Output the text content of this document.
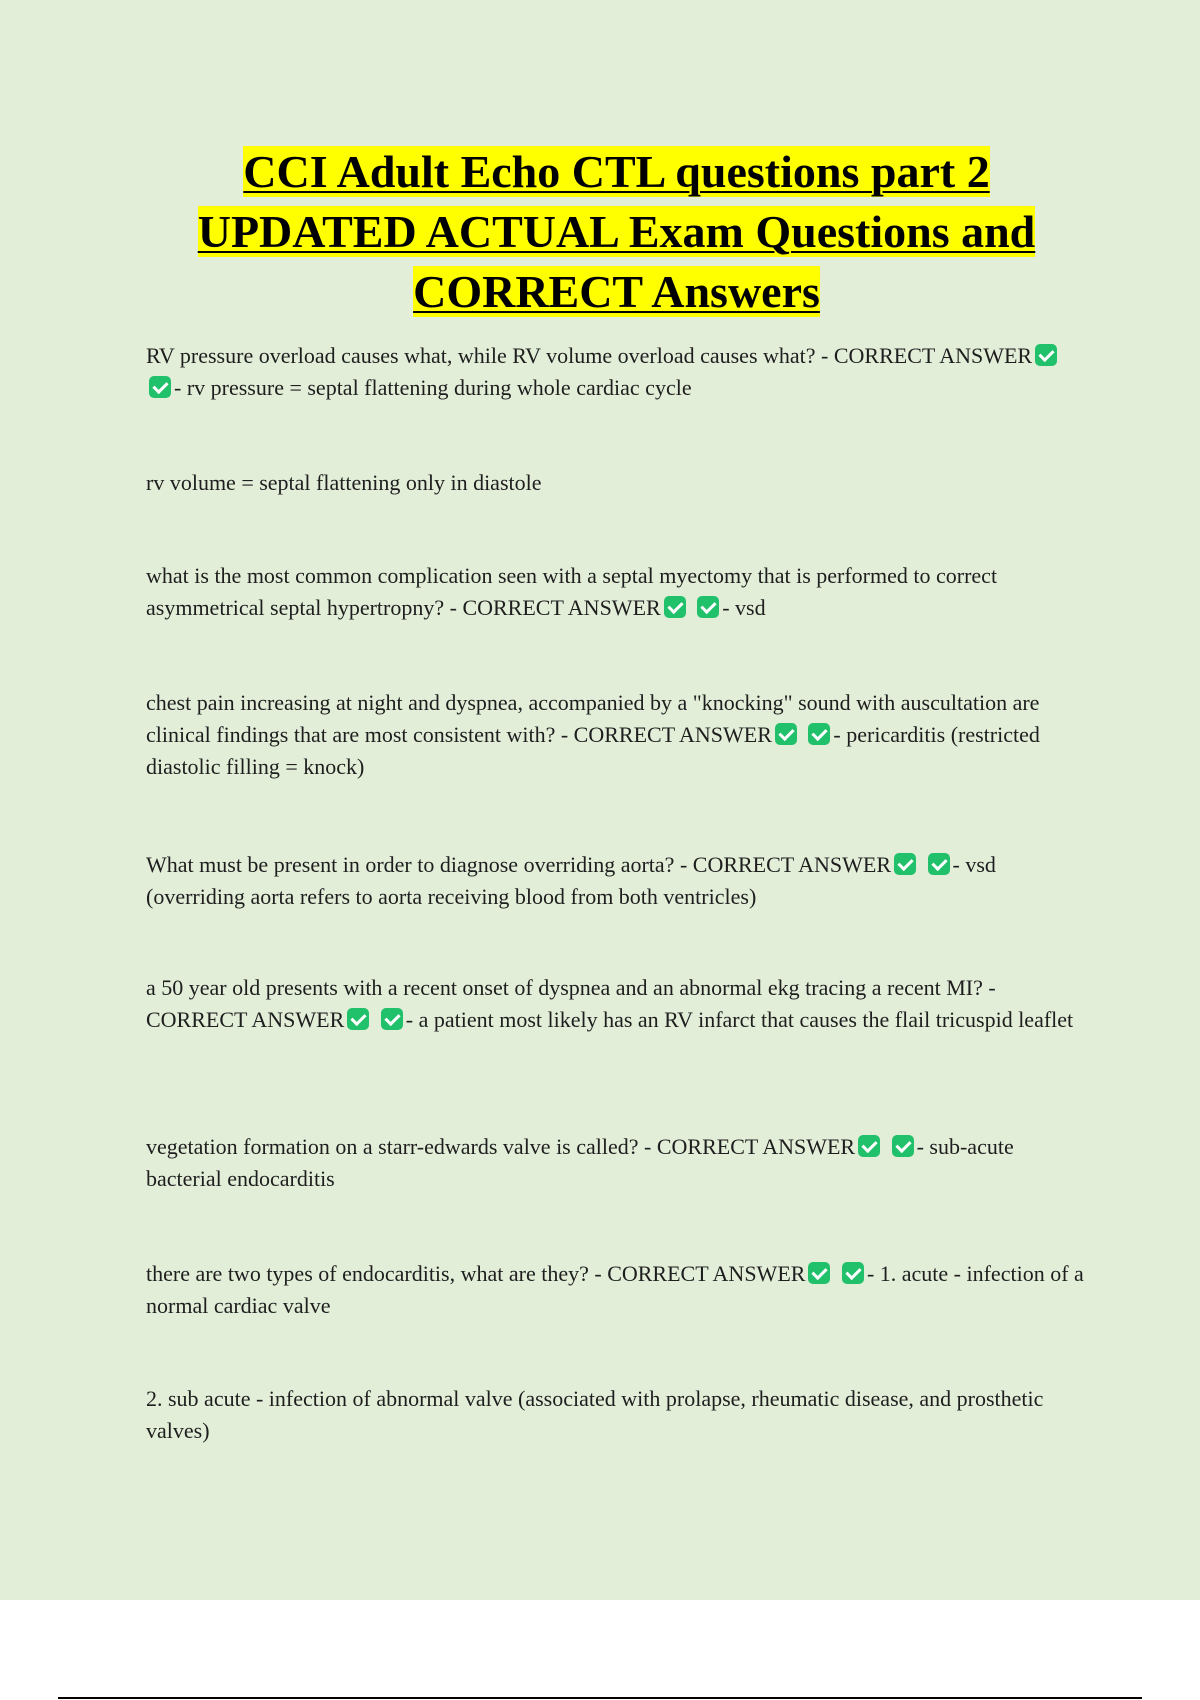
CCI Adult Echo CTL questions part 2
UPDATED ACTUAL Exam Questions and
CORRECT Answers
RV pressure overload causes what, while RV volume overload causes what? - CORRECT ANSWER - rv pressure = septal flattening during whole cardiac cycle
rv volume = septal flattening only in diastole
what is the most common complication seen with a septal myectomy that is performed to correct asymmetrical septal hypertropny? - CORRECT ANSWER	- vsd
chest pain increasing at night and dyspnea, accompanied by a "knocking" sound with auscultation are clinical findings that are most consistent with? - CORRECT ANSWER	- pericarditis (restricted diastolic filling = knock)
What must be present in order to diagnose overriding aorta? - CORRECT ANSWER	- vsd (overriding aorta refers to aorta receiving blood from both ventricles)
a 50 year old presents with a recent onset of dyspnea and an abnormal ekg tracing a recent MI? - CORRECT ANSWER	- a patient most likely has an RV infarct that causes the flail tricuspid leaflet
vegetation formation on a starr-edwards valve is called? - CORRECT ANSWER	- sub-acute bacterial endocarditis
there are two types of endocarditis, what are they? - CORRECT ANSWER	- 1. acute - infection of a normal cardiac valve
2. sub acute - infection of abnormal valve (associated with prolapse, rheumatic disease, and prosthetic valves)
